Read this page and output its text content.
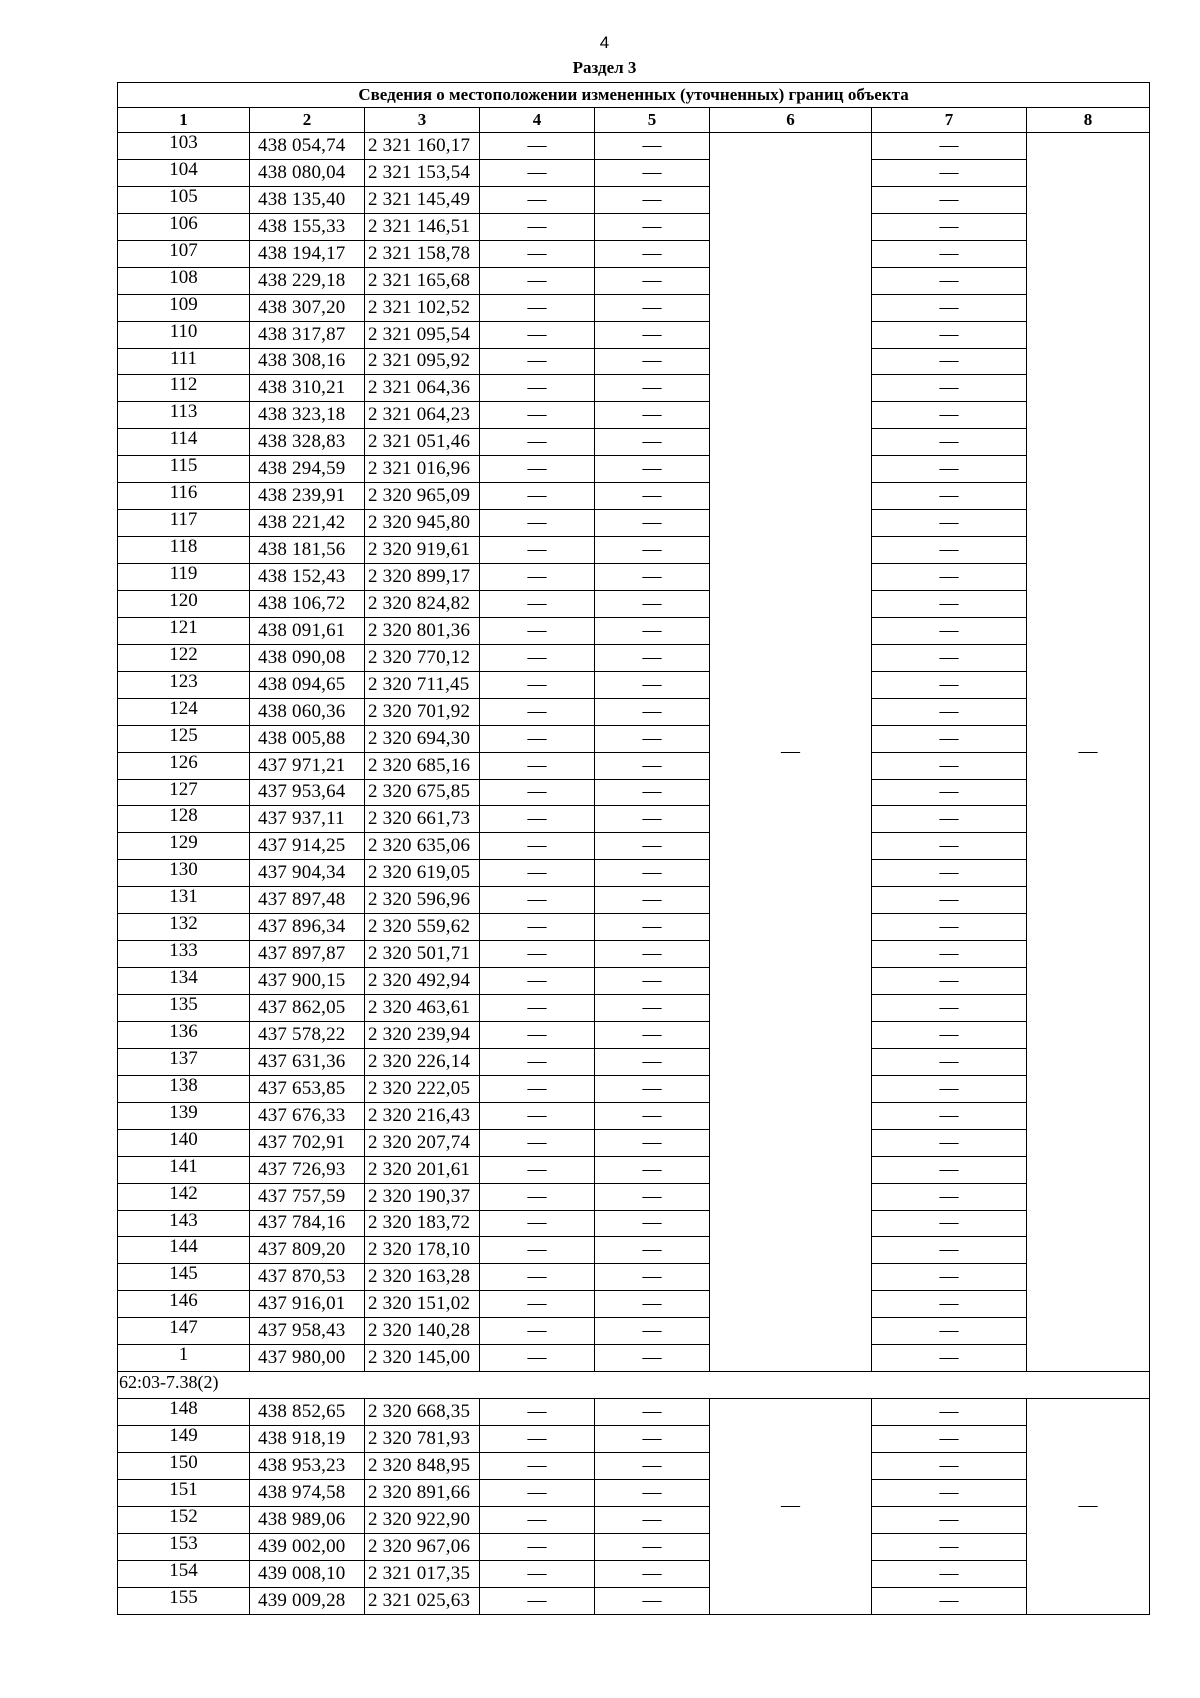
4
Раздел 3
Сведения о местоположении измененных (уточненных) границ объекта							
1	2	3	4	5	6	7	8
103	438 054,74	2 321 160,17	—	—	—	—	—
104	438 080,04	2 321 153,54	—	—		—	
105	438 135,40	2 321 145,49	—	—		—	
106	438 155,33	2 321 146,51	—	—		—	
107	438 194,17	2 321 158,78	—	—		—	
108	438 229,18	2 321 165,68	—	—		—	
109	438 307,20	2 321 102,52	—	—		—	
110	438 317,87	2 321 095,54	—	—		—	
111	438 308,16	2 321 095,92	—	—		—	
112	438 310,21	2 321 064,36	—	—		—	
113	438 323,18	2 321 064,23	—	—		—	
114	438 328,83	2 321 051,46	—	—		—	
115	438 294,59	2 321 016,96	—	—		—	
116	438 239,91	2 320 965,09	—	—		—	
117	438 221,42	2 320 945,80	—	—		—	
118	438 181,56	2 320 919,61	—	—		—	
119	438 152,43	2 320 899,17	—	—		—	
120	438 106,72	2 320 824,82	—	—		—	
121	438 091,61	2 320 801,36	—	—		—	
122	438 090,08	2 320 770,12	—	—		—	
123	438 094,65	2 320 711,45	—	—		—	
124	438 060,36	2 320 701,92	—	—		—	
125	438 005,88	2 320 694,30	—	—		—	
126	437 971,21	2 320 685,16	—	—		—	
127	437 953,64	2 320 675,85	—	—		—	
128	437 937,11	2 320 661,73	—	—		—	
129	437 914,25	2 320 635,06	—	—		—	
130	437 904,34	2 320 619,05	—	—		—	
131	437 897,48	2 320 596,96	—	—		—	
132	437 896,34	2 320 559,62	—	—		—	
133	437 897,87	2 320 501,71	—	—		—	
134	437 900,15	2 320 492,94	—	—		—	
135	437 862,05	2 320 463,61	—	—		—	
136	437 578,22	2 320 239,94	—	—		—	
137	437 631,36	2 320 226,14	—	—		—	
138	437 653,85	2 320 222,05	—	—		—	
139	437 676,33	2 320 216,43	—	—		—	
140	437 702,91	2 320 207,74	—	—		—	
141	437 726,93	2 320 201,61	—	—		—	
142	437 757,59	2 320 190,37	—	—		—	
143	437 784,16	2 320 183,72	—	—		—	
144	437 809,20	2 320 178,10	—	—		—	
145	437 870,53	2 320 163,28	—	—		—	
146	437 916,01	2 320 151,02	—	—		—	
147	437 958,43	2 320 140,28	—	—		—	
1	437 980,00	2 320 145,00	—	—		—	
62:03-7.38(2)							
148	438 852,65	2 320 668,35	—	—	—	—	—
149	438 918,19	2 320 781,93	—	—		—	
150	438 953,23	2 320 848,95	—	—		—	
151	438 974,58	2 320 891,66	—	—		—	
152	438 989,06	2 320 922,90	—	—		—	
153	439 002,00	2 320 967,06	—	—		—	
154	439 008,10	2 321 017,35	—	—		—	
155	439 009,28	2 321 025,63	—	—		—	
